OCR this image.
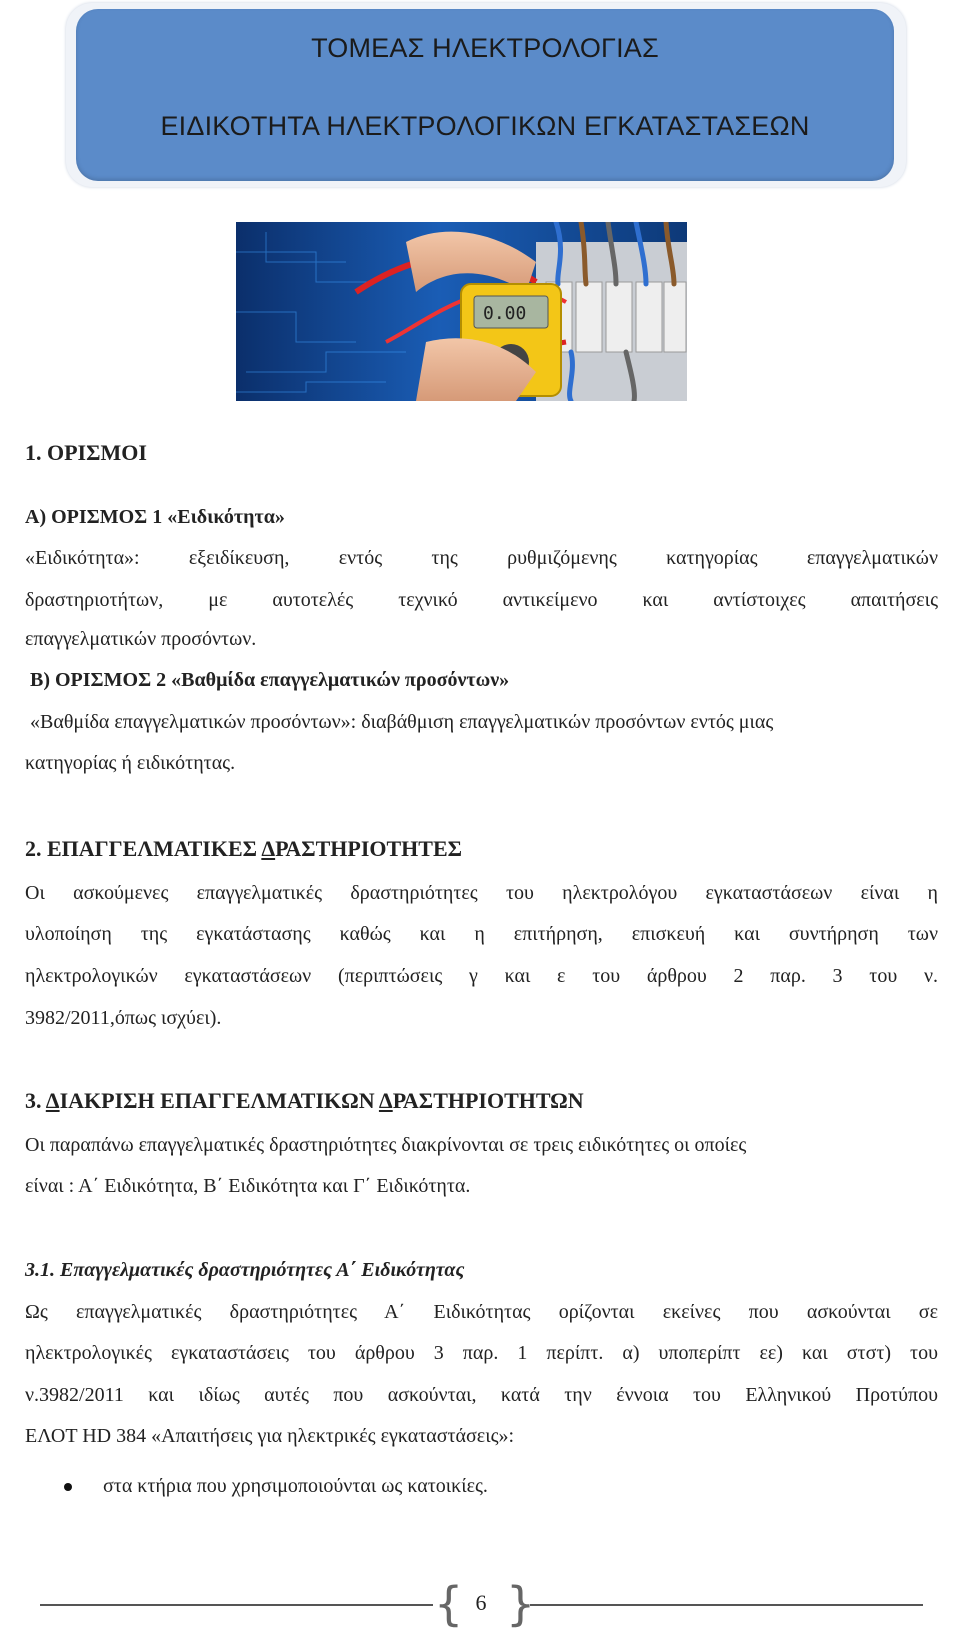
ΤΟΜΕΑΣ ΗΛΕΚΤΡΟΛΟΓΙΑΣ
ΕΙΔΙΚΟΤΗΤΑ ΗΛΕΚΤΡΟΛΟΓΙΚΩΝ ΕΓΚΑΤΑΣΤΑΣΕΩΝ
0.00
1. ΟΡΙΣΜΟΙ
Α) ΟΡΙΣΜΟΣ 1 «Ειδικότητα»
«Ειδικότητα»: εξειδίκευση, εντός της ρυθμιζόμενης κατηγορίας επαγγελματικών
δραστηριοτήτων, με αυτοτελές τεχνικό αντικείμενο και αντίστοιχες απαιτήσεις
επαγγελματικών προσόντων.
Β) ΟΡΙΣΜΟΣ 2 «Βαθμίδα επαγγελματικών προσόντων»
«Βαθμίδα επαγγελματικών προσόντων»: διαβάθμιση επαγγελματικών προσόντων εντός μιας
κατηγορίας ή ειδικότητας.
2. ΕΠΑΓΓΕΛΜΑΤΙΚΕΣ ΔΡΑΣΤΗΡΙΟΤΗΤΕΣ
Οι ασκούμενες επαγγελματικές δραστηριότητες του ηλεκτρολόγου εγκαταστάσεων είναι η
υλοποίηση της εγκατάστασης καθώς και η επιτήρηση, επισκευή και συντήρηση των
ηλεκτρολογικών εγκαταστάσεων (περιπτώσεις γ και ε του άρθρου 2 παρ. 3 του ν.
3982/2011,όπως ισχύει).
3. ΔΙΑΚΡΙΣΗ ΕΠΑΓΓΕΛΜΑΤΙΚΩΝ ΔΡΑΣΤΗΡΙΟΤΗΤΩΝ
Οι παραπάνω επαγγελματικές δραστηριότητες διακρίνονται σε τρεις ειδικότητες οι οποίες
είναι : Α΄ Ειδικότητα, Β΄ Ειδικότητα και Γ΄ Ειδικότητα.
3.1. Επαγγελματικές δραστηριότητες Α΄ Ειδικότητας
Ως επαγγελματικές δραστηριότητες Α΄ Ειδικότητας ορίζονται εκείνες που ασκούνται σε
ηλεκτρολογικές εγκαταστάσεις του άρθρου 3 παρ. 1 περίπτ. α) υποπερίπτ εε) και στστ) του
ν.3982/2011 και ιδίως αυτές που ασκούνται, κατά την έννοια του Ελληνικού Προτύπου
ΕΛΟΤ HD 384 «Απαιτήσεις για ηλεκτρικές εγκαταστάσεις»:
στα κτήρια που χρησιμοποιούνται ως κατοικίες.
{ }
6
